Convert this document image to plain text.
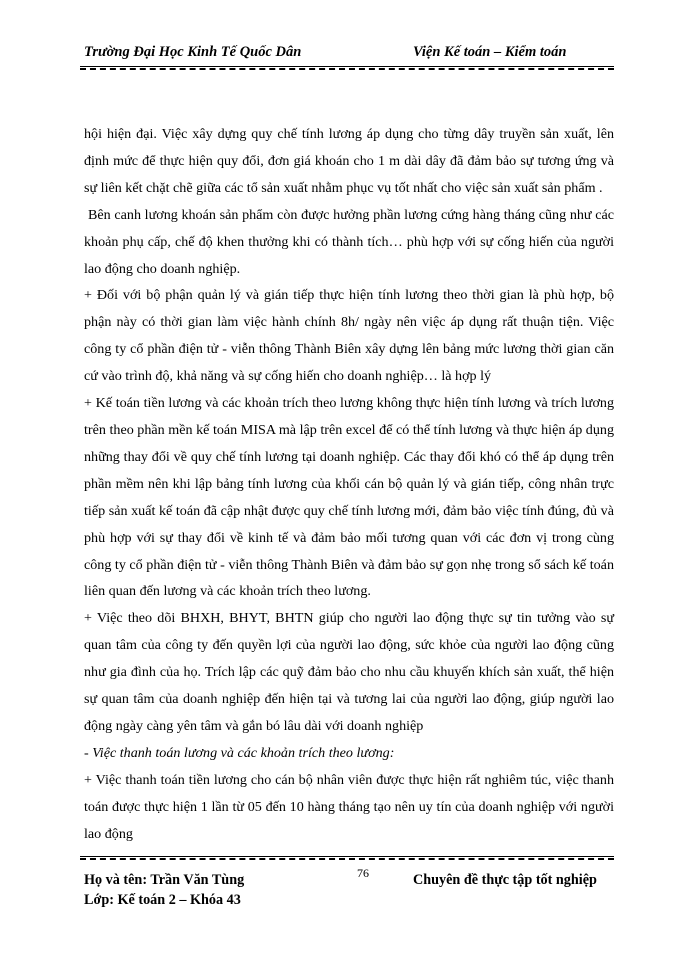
Trường Đại Học Kinh Tế Quốc Dân	Viện Kế toán – Kiểm toán

hội hiện đại. Việc xây dựng quy chế tính lương áp dụng cho từng dây truyền sản xuất, lên định mức để thực hiện quy đổi, đơn giá khoán cho 1 m dài dây đã đảm bảo sự tương ứng và sự liên kết chặt chẽ giữa các tổ sản xuất nhằm phục vụ tốt nhất cho việc sản xuất sản phẩm .

Bên canh lương khoán sản phẩm còn được hưởng phần lương cứng hàng tháng cũng như các khoản phụ cấp, chế độ khen thưởng khi có thành tích… phù hợp với sự cống hiến của người lao động cho doanh nghiệp.

+ Đối với bộ phận quản lý và gián tiếp thực hiện tính lương theo thời gian là phù hợp, bộ phận này có thời gian làm việc hành chính 8h/ ngày nên việc áp dụng rất thuận tiện. Việc công ty cổ phần điện tử - viễn thông Thành Biên xây dựng lên bảng mức lương thời gian căn cứ vào trình độ, khả năng và sự cống hiến cho doanh nghiệp… là hợp lý

+ Kế toán tiền lương và các khoản trích theo lương không thực hiện tính lương và trích lương trên theo phần mền kế toán MISA mà lập trên excel để có thể tính lương và thực hiện áp dụng những thay đổi về quy chế tính lương tại doanh nghiệp. Các thay đổi khó có thể áp dụng trên phần mềm nên khi lập bảng tính lương của khối cán bộ quản lý và gián tiếp, công nhân trực tiếp sản xuất kế toán đã cập nhật được quy chế tính lương mới, đảm bảo việc tính đúng, đủ và phù hợp với sự thay đổi về kinh tế và đảm bảo mối tương quan với các đơn vị trong cùng công ty cổ phần điện tử - viễn thông Thành Biên và đảm bảo sự gọn nhẹ trong sổ sách kế toán liên quan đến lương và các khoản trích theo lương.

+ Việc theo dõi BHXH, BHYT, BHTN giúp cho người lao động thực sự tin tưởng vào sự quan tâm của công ty đến quyền lợi của người lao động, sức khỏe của người lao động cũng như gia đình của họ. Trích lập các quỹ đảm bảo cho nhu cầu khuyến khích sản xuất, thể hiện sự quan tâm của doanh nghiệp đến hiện tại và tương lai của người lao động, giúp người lao động ngày càng yên tâm và gắn bó lâu dài với doanh nghiệp

- Việc thanh toán lương và các khoản trích theo lương:

+ Việc thanh toán tiền lương cho cán bộ nhân viên được thực hiện rất nghiêm túc, việc thanh toán được thực hiện 1 lần từ 05 đến 10 hàng tháng tạo nên uy tín của doanh nghiệp với người lao động

Họ và tên: Trần Văn Tùng
Lớp: Kế toán 2 – Khóa 43
76	Chuyên đề thực tập tốt nghiệp
